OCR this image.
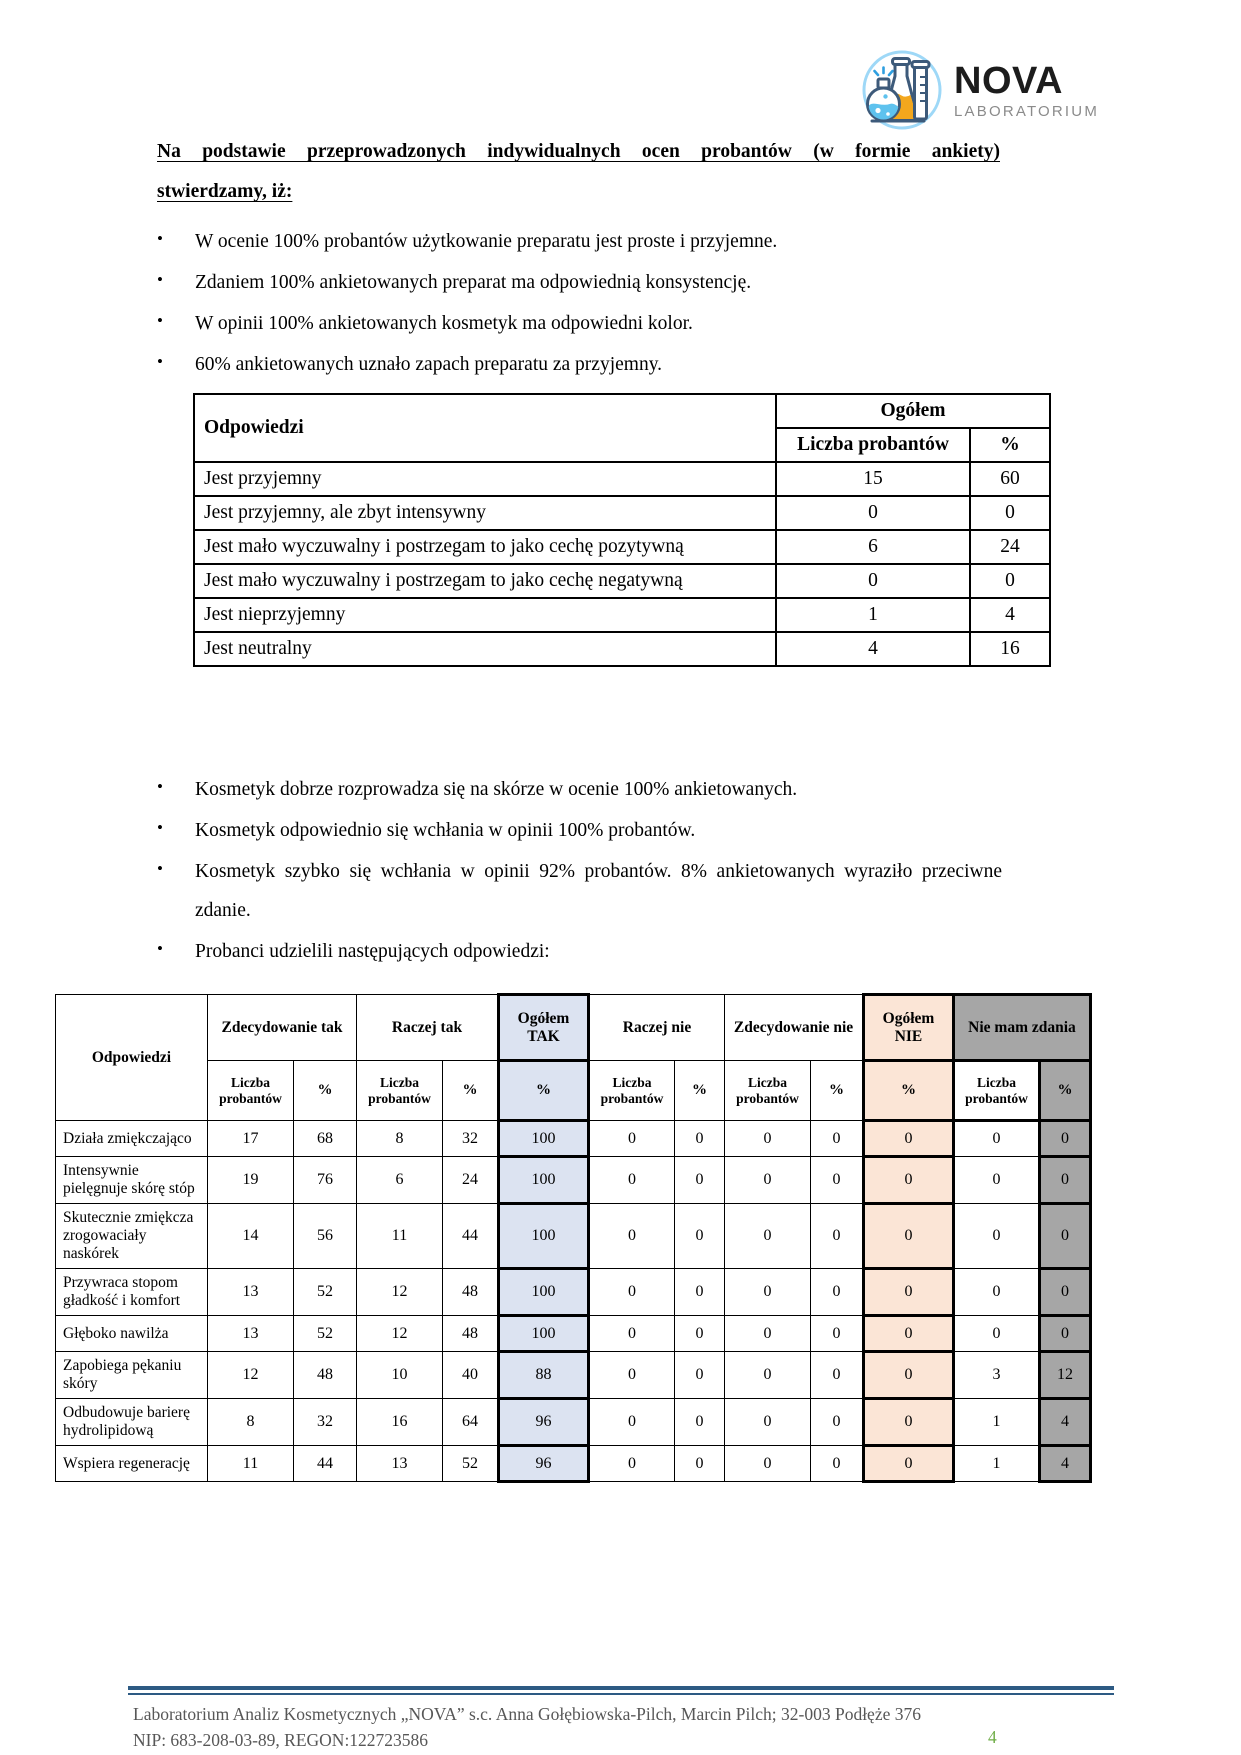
NOVA
LABORATORIUM
Na podstawie przeprowadzonych indywidualnych ocen probantów (w formie ankiety)
stwierdzamy, iż:
•	W ocenie 100% probantów użytkowanie preparatu jest proste i przyjemne.
•	Zdaniem 100% ankietowanych preparat ma odpowiednią konsystencję.
•	W opinii 100% ankietowanych kosmetyk ma odpowiedni kolor.
•	60% ankietowanych uznało zapach preparatu za przyjemny.
Odpowiedzi	Ogółem	
	Liczba probantów	%
Jest przyjemny	15	60
Jest przyjemny, ale zbyt intensywny	0	0
Jest mało wyczuwalny i postrzegam to jako cechę pozytywną	6	24
Jest mało wyczuwalny i postrzegam to jako cechę negatywną	0	0
Jest nieprzyjemny	1	4
Jest neutralny	4	16
•	Kosmetyk dobrze rozprowadza się na skórze w ocenie 100% ankietowanych.
•	Kosmetyk odpowiednio się wchłania w opinii 100% probantów.
•	Kosmetyk szybko się wchłania w opinii 92% probantów. 8% ankietowanych wyraziło przeciwne zdanie.
•	Probanci udzielili następujących odpowiedzi:
Odpowiedzi	Zdecydowanie tak		Raczej tak		Ogółem TAK	Raczej nie		Zdecydowanie nie		Ogółem NIE	Nie mam zdania	
	Liczba probantów	%	Liczba probantów	%	%	Liczba probantów	%	Liczba probantów	%	%	Liczba probantów	%
Działa zmiękczająco	17	68	8	32	100	0	0	0	0	0	0	0
Intensywnie pielęgnuje skórę stóp	19	76	6	24	100	0	0	0	0	0	0	0
Skutecznie zmiękcza zrogowaciały naskórek	14	56	11	44	100	0	0	0	0	0	0	0
Przywraca stopom gładkość i komfort	13	52	12	48	100	0	0	0	0	0	0	0
Głęboko nawilża	13	52	12	48	100	0	0	0	0	0	0	0
Zapobiega pękaniu skóry	12	48	10	40	88	0	0	0	0	0	3	12
Odbudowuje barierę hydrolipidową	8	32	16	64	96	0	0	0	0	0	1	4
Wspiera regenerację	11	44	13	52	96	0	0	0	0	0	1	4
Laboratorium Analiz Kosmetycznych „NOVA” s.c. Anna Gołębiowska-Pilch, Marcin Pilch; 32-003 Podłęże 376
NIP: 683-208-03-89, REGON:122723586	4
